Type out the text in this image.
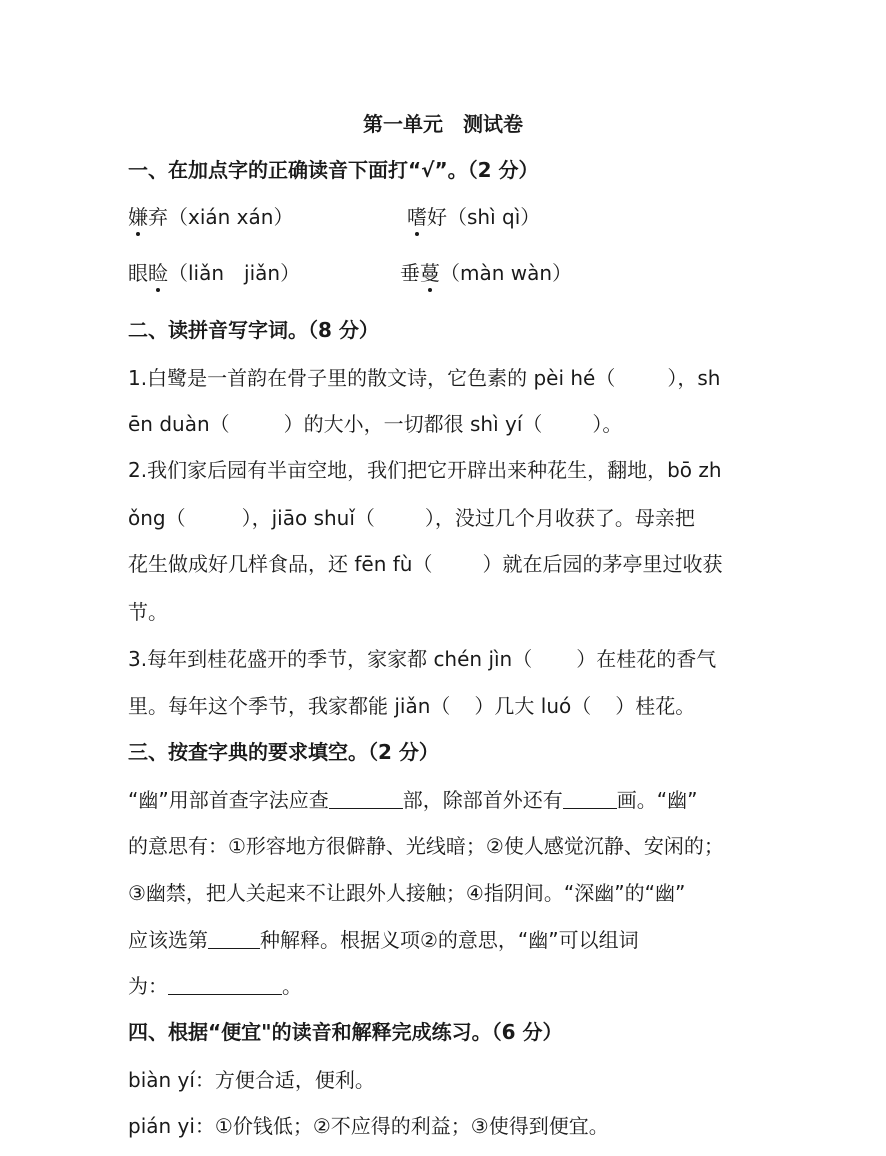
第一单元　测试卷
一、在加点字的正确读音下面打“√”。（2 分）
嫌弃（xián xán）	嗜好（shì qì）
眼睑（liǎn　jiǎn）	垂蔓（màn wàn）
二、读拼音写字词。（8 分）
1.白鹭是一首韵在骨子里的散文诗，它色素的 pèi hé（	），sh
ēn duàn（	）的大小，一切都很 shì yí（	）。
2.我们家后园有半亩空地，我们把它开辟出来种花生，翻地，bō zh
ǒng（	），jiāo shuǐ（	），没过几个月收获了。母亲把
花生做成好几样食品，还 fēn fù（	）就在后园的茅亭里过收获
节。
3.每年到桂花盛开的季节，家家都 chén jìn（ ）在桂花的香气
里。每年这个季节，我家都能 jiǎn（ ）几大 luó（ ）桂花。
三、按查字典的要求填空。（2 分）
“幽”用部首查字法应查	部，除部首外还有	画。“幽”
的意思有：①形容地方很僻静、光线暗；②使人感觉沉静、安闲的；
③幽禁，把人关起来不让跟外人接触；④指阴间。“深幽”的“幽”
应该选第	种解释。根据义项②的意思，“幽”可以组词
为：	。
四、根据“便宜"的读音和解释完成练习。（6 分）
biàn yí：方便合适，便利。
pián yi：①价钱低；②不应得的利益；③使得到便宜。
